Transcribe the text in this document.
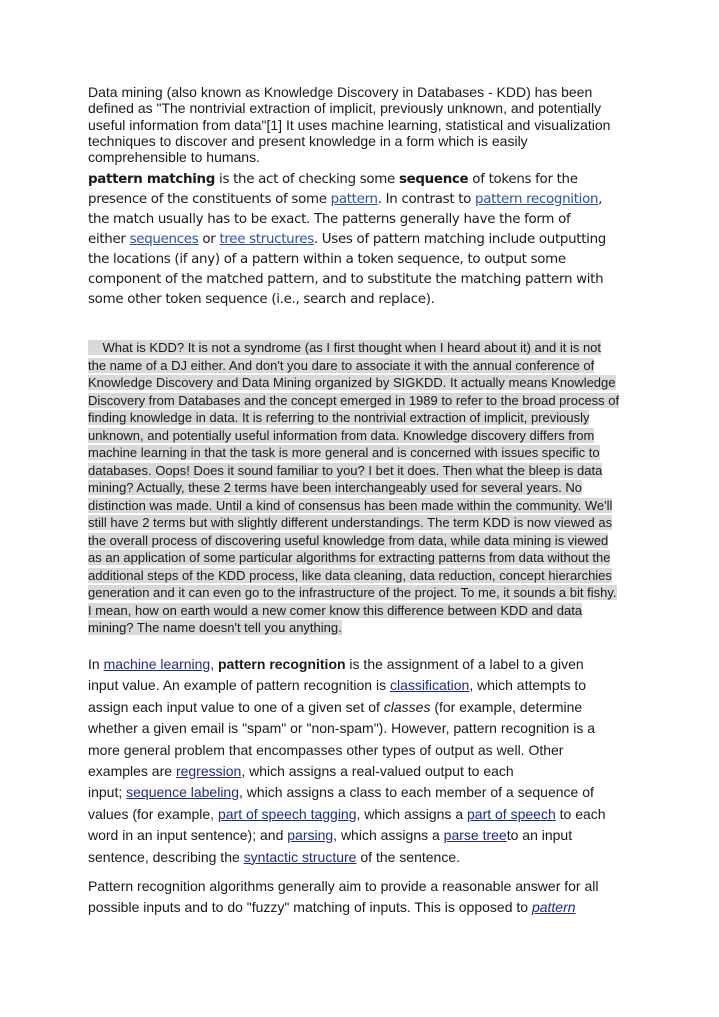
Data mining (also known as Knowledge Discovery in Databases - KDD) has been
defined as "The nontrivial extraction of implicit, previously unknown, and potentially
useful information from data"[1] It uses machine learning, statistical and visualization
techniques to discover and present knowledge in a form which is easily
comprehensible to humans.
pattern matching is the act of checking some sequence of tokens for the
presence of the constituents of some pattern. In contrast to pattern recognition,
the match usually has to be exact. The patterns generally have the form of
either sequences or tree structures. Uses of pattern matching include outputting
the locations (if any) of a pattern within a token sequence, to output some
component of the matched pattern, and to substitute the matching pattern with
some other token sequence (i.e., search and replace).
What is KDD? It is not a syndrome (as I first thought when I heard about it) and it is not
the name of a DJ either. And don't you dare to associate it with the annual conference of
Knowledge Discovery and Data Mining organized by SIGKDD. It actually means Knowledge
Discovery from Databases and the concept emerged in 1989 to refer to the broad process of
finding knowledge in data. It is referring to the nontrivial extraction of implicit, previously
unknown, and potentially useful information from data. Knowledge discovery differs from
machine learning in that the task is more general and is concerned with issues specific to
databases. Oops! Does it sound familiar to you? I bet it does. Then what the bleep is data
mining? Actually, these 2 terms have been interchangeably used for several years. No
distinction was made. Until a kind of consensus has been made within the community. We'll
still have 2 terms but with slightly different understandings. The term KDD is now viewed as
the overall process of discovering useful knowledge from data, while data mining is viewed
as an application of some particular algorithms for extracting patterns from data without the
additional steps of the KDD process, like data cleaning, data reduction, concept hierarchies
generation and it can even go to the infrastructure of the project. To me, it sounds a bit fishy.
I mean, how on earth would a new comer know this difference between KDD and data
mining? The name doesn't tell you anything.
In machine learning, pattern recognition is the assignment of a label to a given
input value. An example of pattern recognition is classification, which attempts to
assign each input value to one of a given set of classes (for example, determine
whether a given email is "spam" or "non-spam"). However, pattern recognition is a
more general problem that encompasses other types of output as well. Other
examples are regression, which assigns a real-valued output to each
input; sequence labeling, which assigns a class to each member of a sequence of
values (for example, part of speech tagging, which assigns a part of speech to each
word in an input sentence); and parsing, which assigns a parse treeto an input
sentence, describing the syntactic structure of the sentence.
Pattern recognition algorithms generally aim to provide a reasonable answer for all
possible inputs and to do "fuzzy" matching of inputs. This is opposed to pattern
